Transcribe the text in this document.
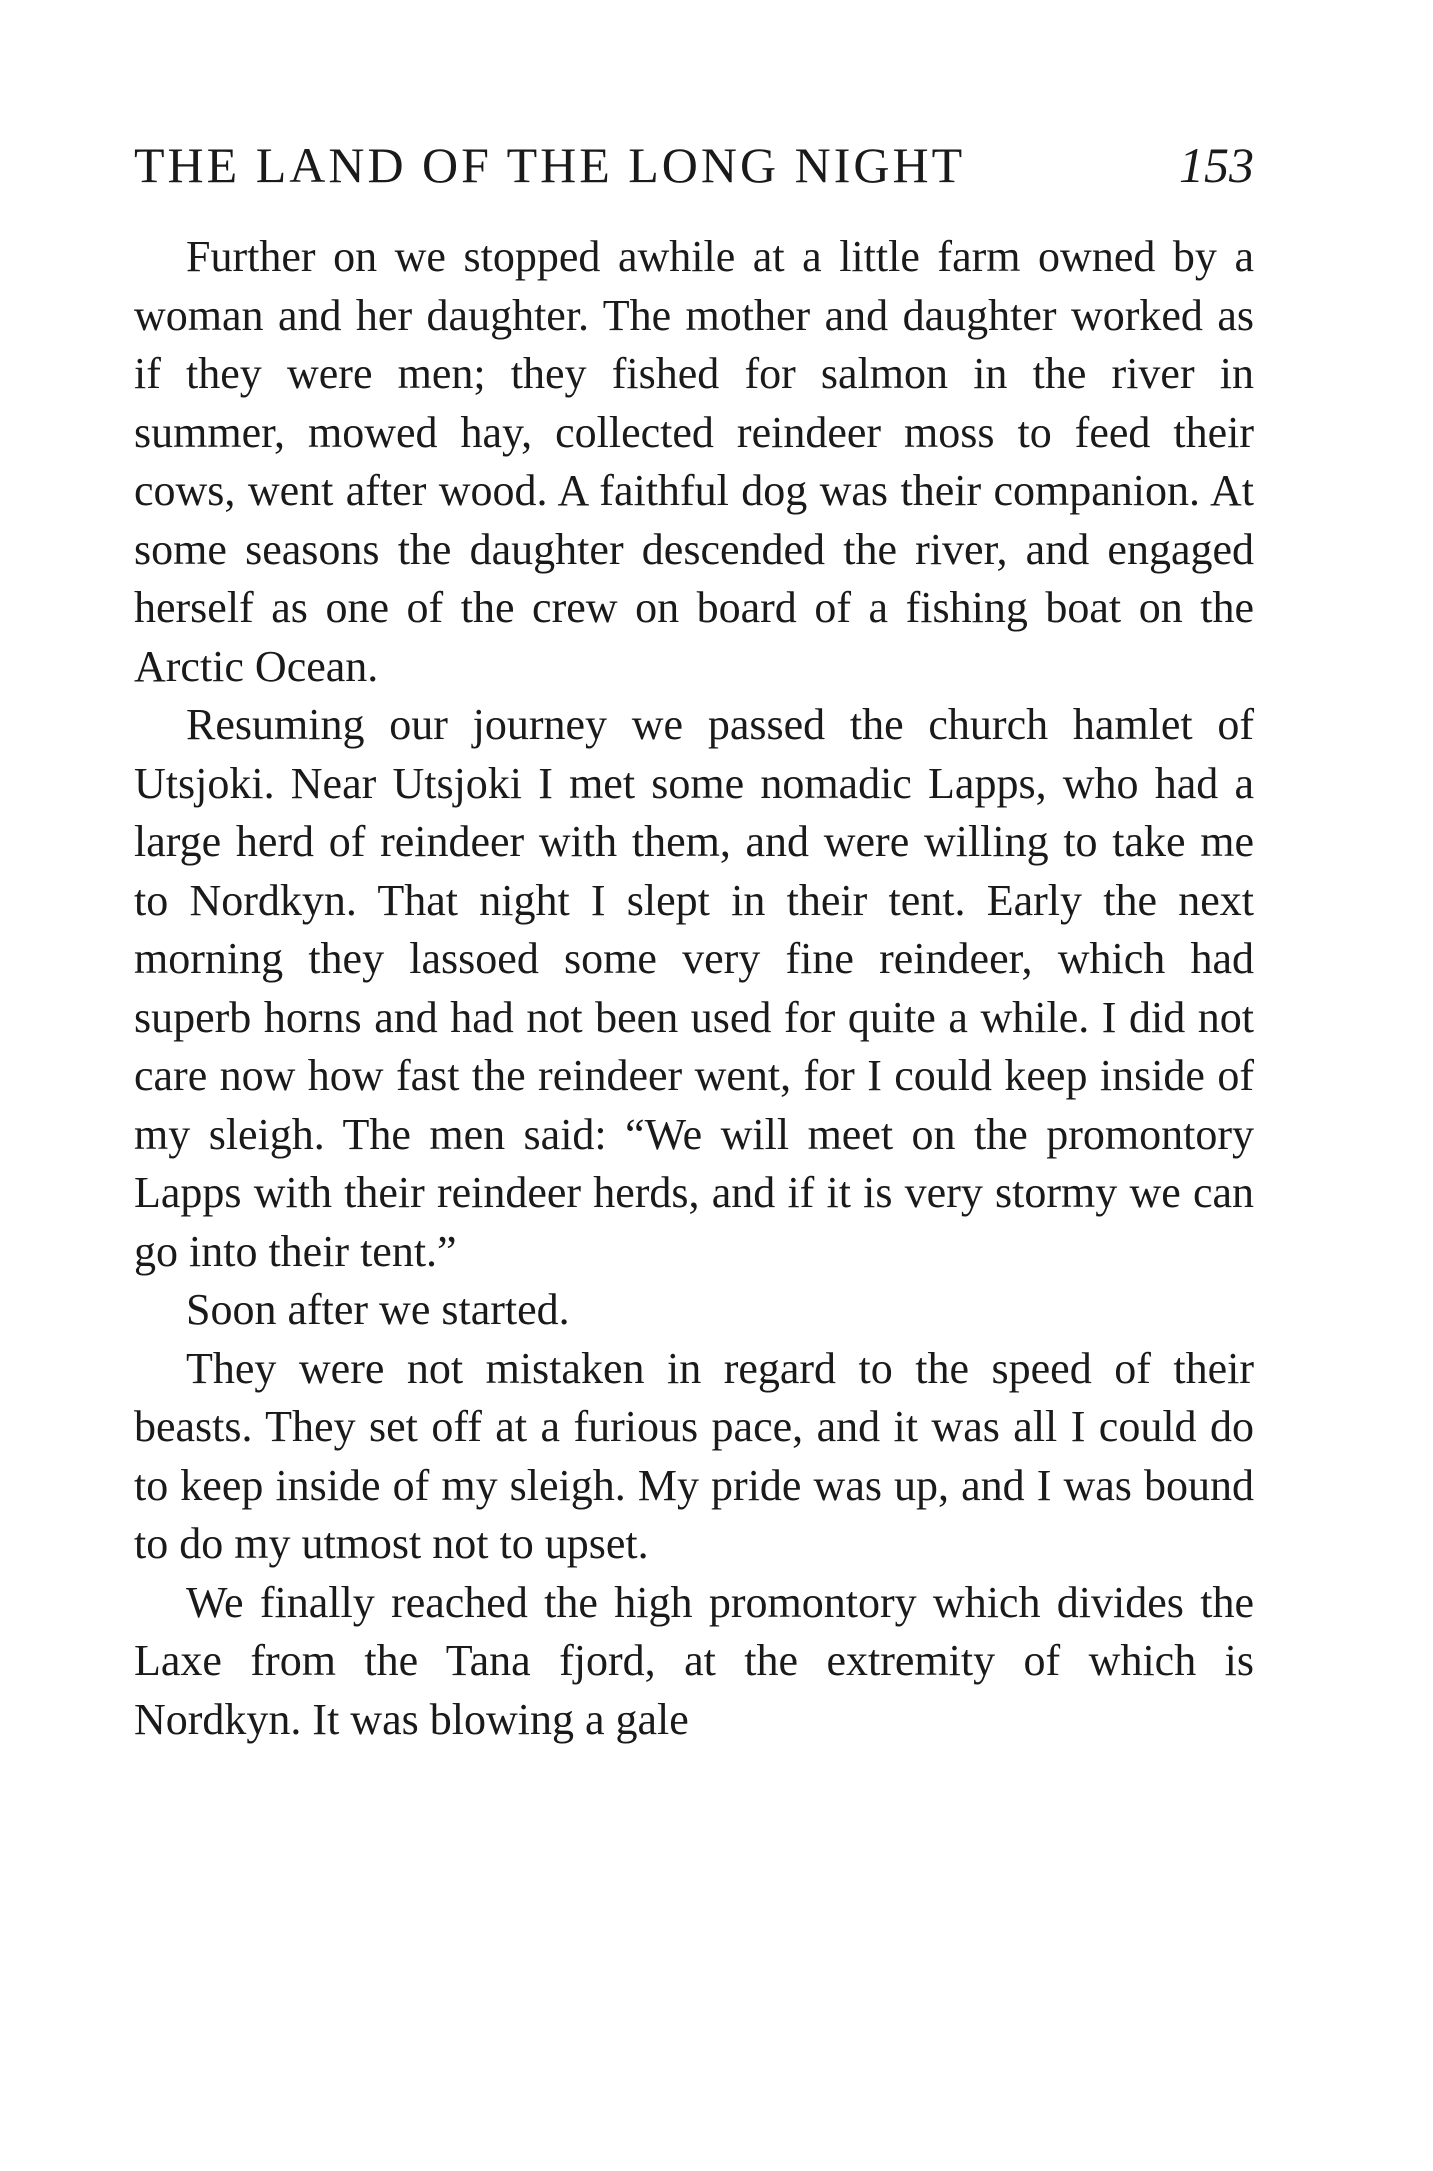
THE LAND OF THE LONG NIGHT	153

Further on we stopped awhile at a little farm owned by a woman and her daughter. The mother and daughter worked as if they were men; they fished for salmon in the river in summer, mowed hay, collected reindeer moss to feed their cows, went after wood. A faithful dog was their companion. At some seasons the daughter descended the river, and engaged herself as one of the crew on board of a fishing boat on the Arctic Ocean.

Resuming our journey we passed the church hamlet of Utsjoki. Near Utsjoki I met some nomadic Lapps, who had a large herd of reindeer with them, and were willing to take me to Nordkyn. That night I slept in their tent. Early the next morning they lassoed some very fine reindeer, which had superb horns and had not been used for quite a while. I did not care now how fast the reindeer went, for I could keep inside of my sleigh. The men said: “We will meet on the promontory Lapps with their reindeer herds, and if it is very stormy we can go into their tent.”

Soon after we started.

They were not mistaken in regard to the speed of their beasts. They set off at a furious pace, and it was all I could do to keep inside of my sleigh. My pride was up, and I was bound to do my utmost not to upset.

We finally reached the high promontory which divides the Laxe from the Tana fjord, at the extremity of which is Nordkyn. It was blowing a gale
